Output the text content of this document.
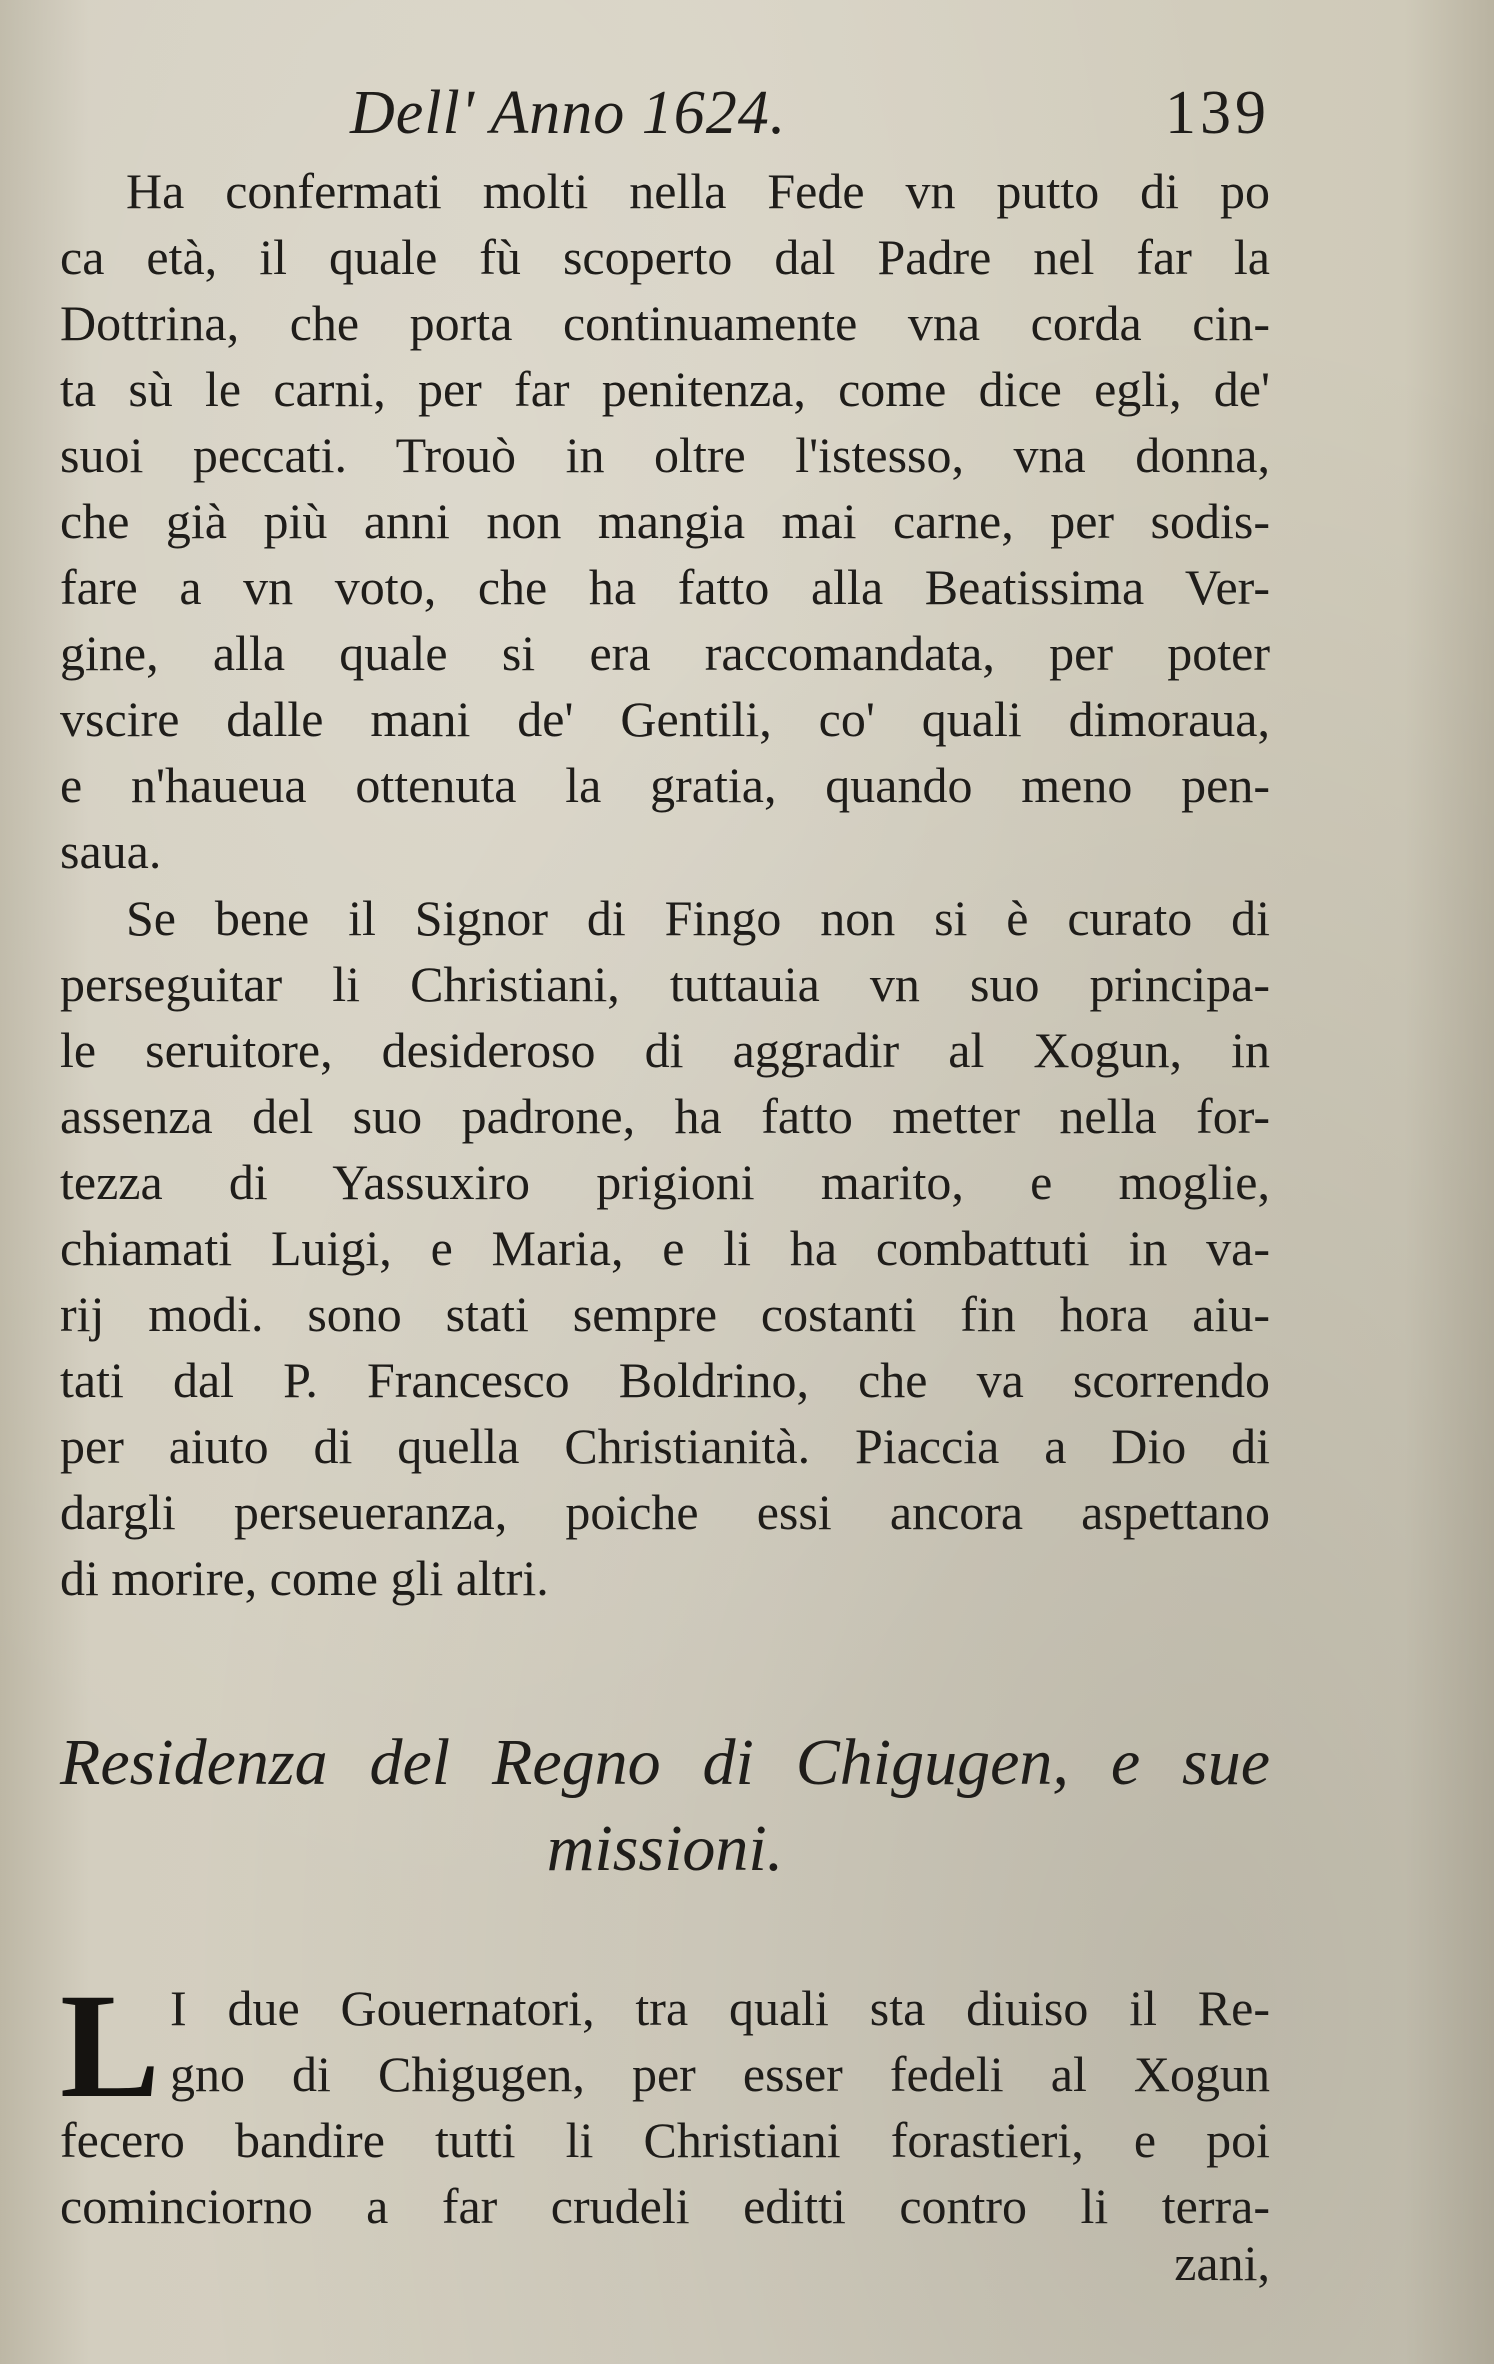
Dell' Anno 1624.	139
Ha confermati molti nella Fede vn putto di po
ca età, il quale fù scoperto dal Padre nel far la
Dottrina, che porta continuamente vna corda cin-
ta sù le carni, per far penitenza, come dice egli, de'
suoi peccati. Trouò in oltre l'istesso, vna donna,
che già più anni non mangia mai carne, per sodis-
fare a vn voto, che ha fatto alla Beatissima Ver-
gine, alla quale si era raccomandata, per poter
vscire dalle mani de' Gentili, co' quali dimoraua,
e n'haueua ottenuta la gratia, quando meno pen-
saua.
Se bene il Signor di Fingo non si è curato di
perseguitar li Christiani, tuttauia vn suo principa-
le seruitore, desideroso di aggradir al Xogun, in
assenza del suo padrone, ha fatto metter nella for-
tezza di Yassuxiro prigioni marito, e moglie,
chiamati Luigi, e Maria, e li ha combattuti in va-
rij modi. sono stati sempre costanti fin hora aiu-
tati dal P. Francesco Boldrino, che va scorrendo
per aiuto di quella Christianità. Piaccia a Dio di
dargli perseueranza, poiche essi ancora aspettano
di morire, come gli altri.
Residenza del Regno di Chigugen, e sue
missioni.
L I due Gouernatori, tra quali sta diuiso il Re-
gno di Chigugen, per esser fedeli al Xogun
fecero bandire tutti li Christiani forastieri, e poi
cominciorno a far crudeli editti contro li terra-
zani,
